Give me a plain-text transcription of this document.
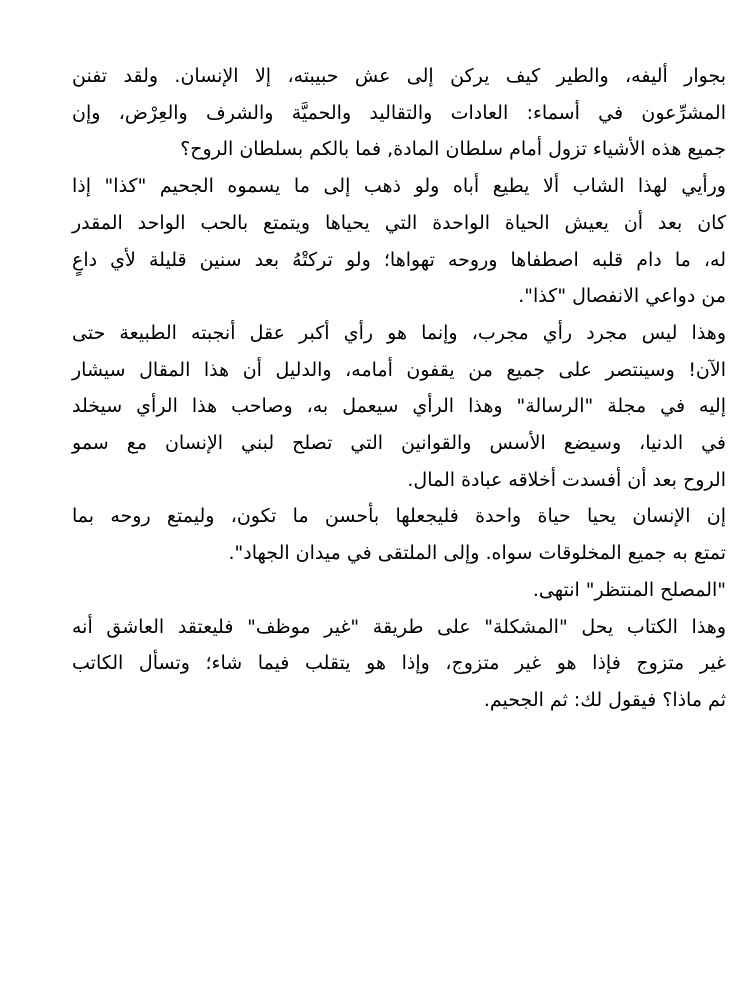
بجوار أليفه، والطير كيف يركن إلى عش حبيبته، إلا الإنسان. ولقد تفنن
المشرِّعون في أسماء: العادات والتقاليد والحميَّة والشرف والعِرْض، وإن
جميع هذه الأشياء تزول أمام سلطان المادة, فما بالكم بسلطان الروح؟

ورأيي لهذا الشاب ألا يطيع أباه ولو ذهب إلى ما يسموه الجحيم "كذا" إذا
كان بعد أن يعيش الحياة الواحدة التي يحياها ويتمتع بالحب الواحد المقدر
له، ما دام قلبه اصطفاها وروحه تهواها؛ ولو تركتْهُ بعد سنين قليلة لأي داعٍ
من دواعي الانفصال "كذا".

وهذا ليس مجرد رأي مجرب، وإنما هو رأي أكبر عقل أنجبته الطبيعة حتى
الآن! وسينتصر على جميع من يقفون أمامه، والدليل أن هذا المقال سيشار
إليه في مجلة "الرسالة" وهذا الرأي سيعمل به، وصاحب هذا الرأي سيخلد
في الدنيا، وسيضع الأسس والقوانين التي تصلح لبني الإنسان مع سمو
الروح بعد أن أفسدت أخلاقه عبادة المال.

إن الإنسان يحيا حياة واحدة فليجعلها بأحسن ما تكون، وليمتع روحه بما
تمتع به جميع المخلوقات سواه. وإلى الملتقى في ميدان الجهاد".

"المصلح المنتظر" انتهى.

وهذا الكتاب يحل "المشكلة" على طريقة "غير موظف" فليعتقد العاشق أنه
غير متزوج فإذا هو غير متزوج، وإذا هو يتقلب فيما شاء؛ وتسأل الكاتب
ثم ماذا؟ فيقول لك: ثم الجحيم.
